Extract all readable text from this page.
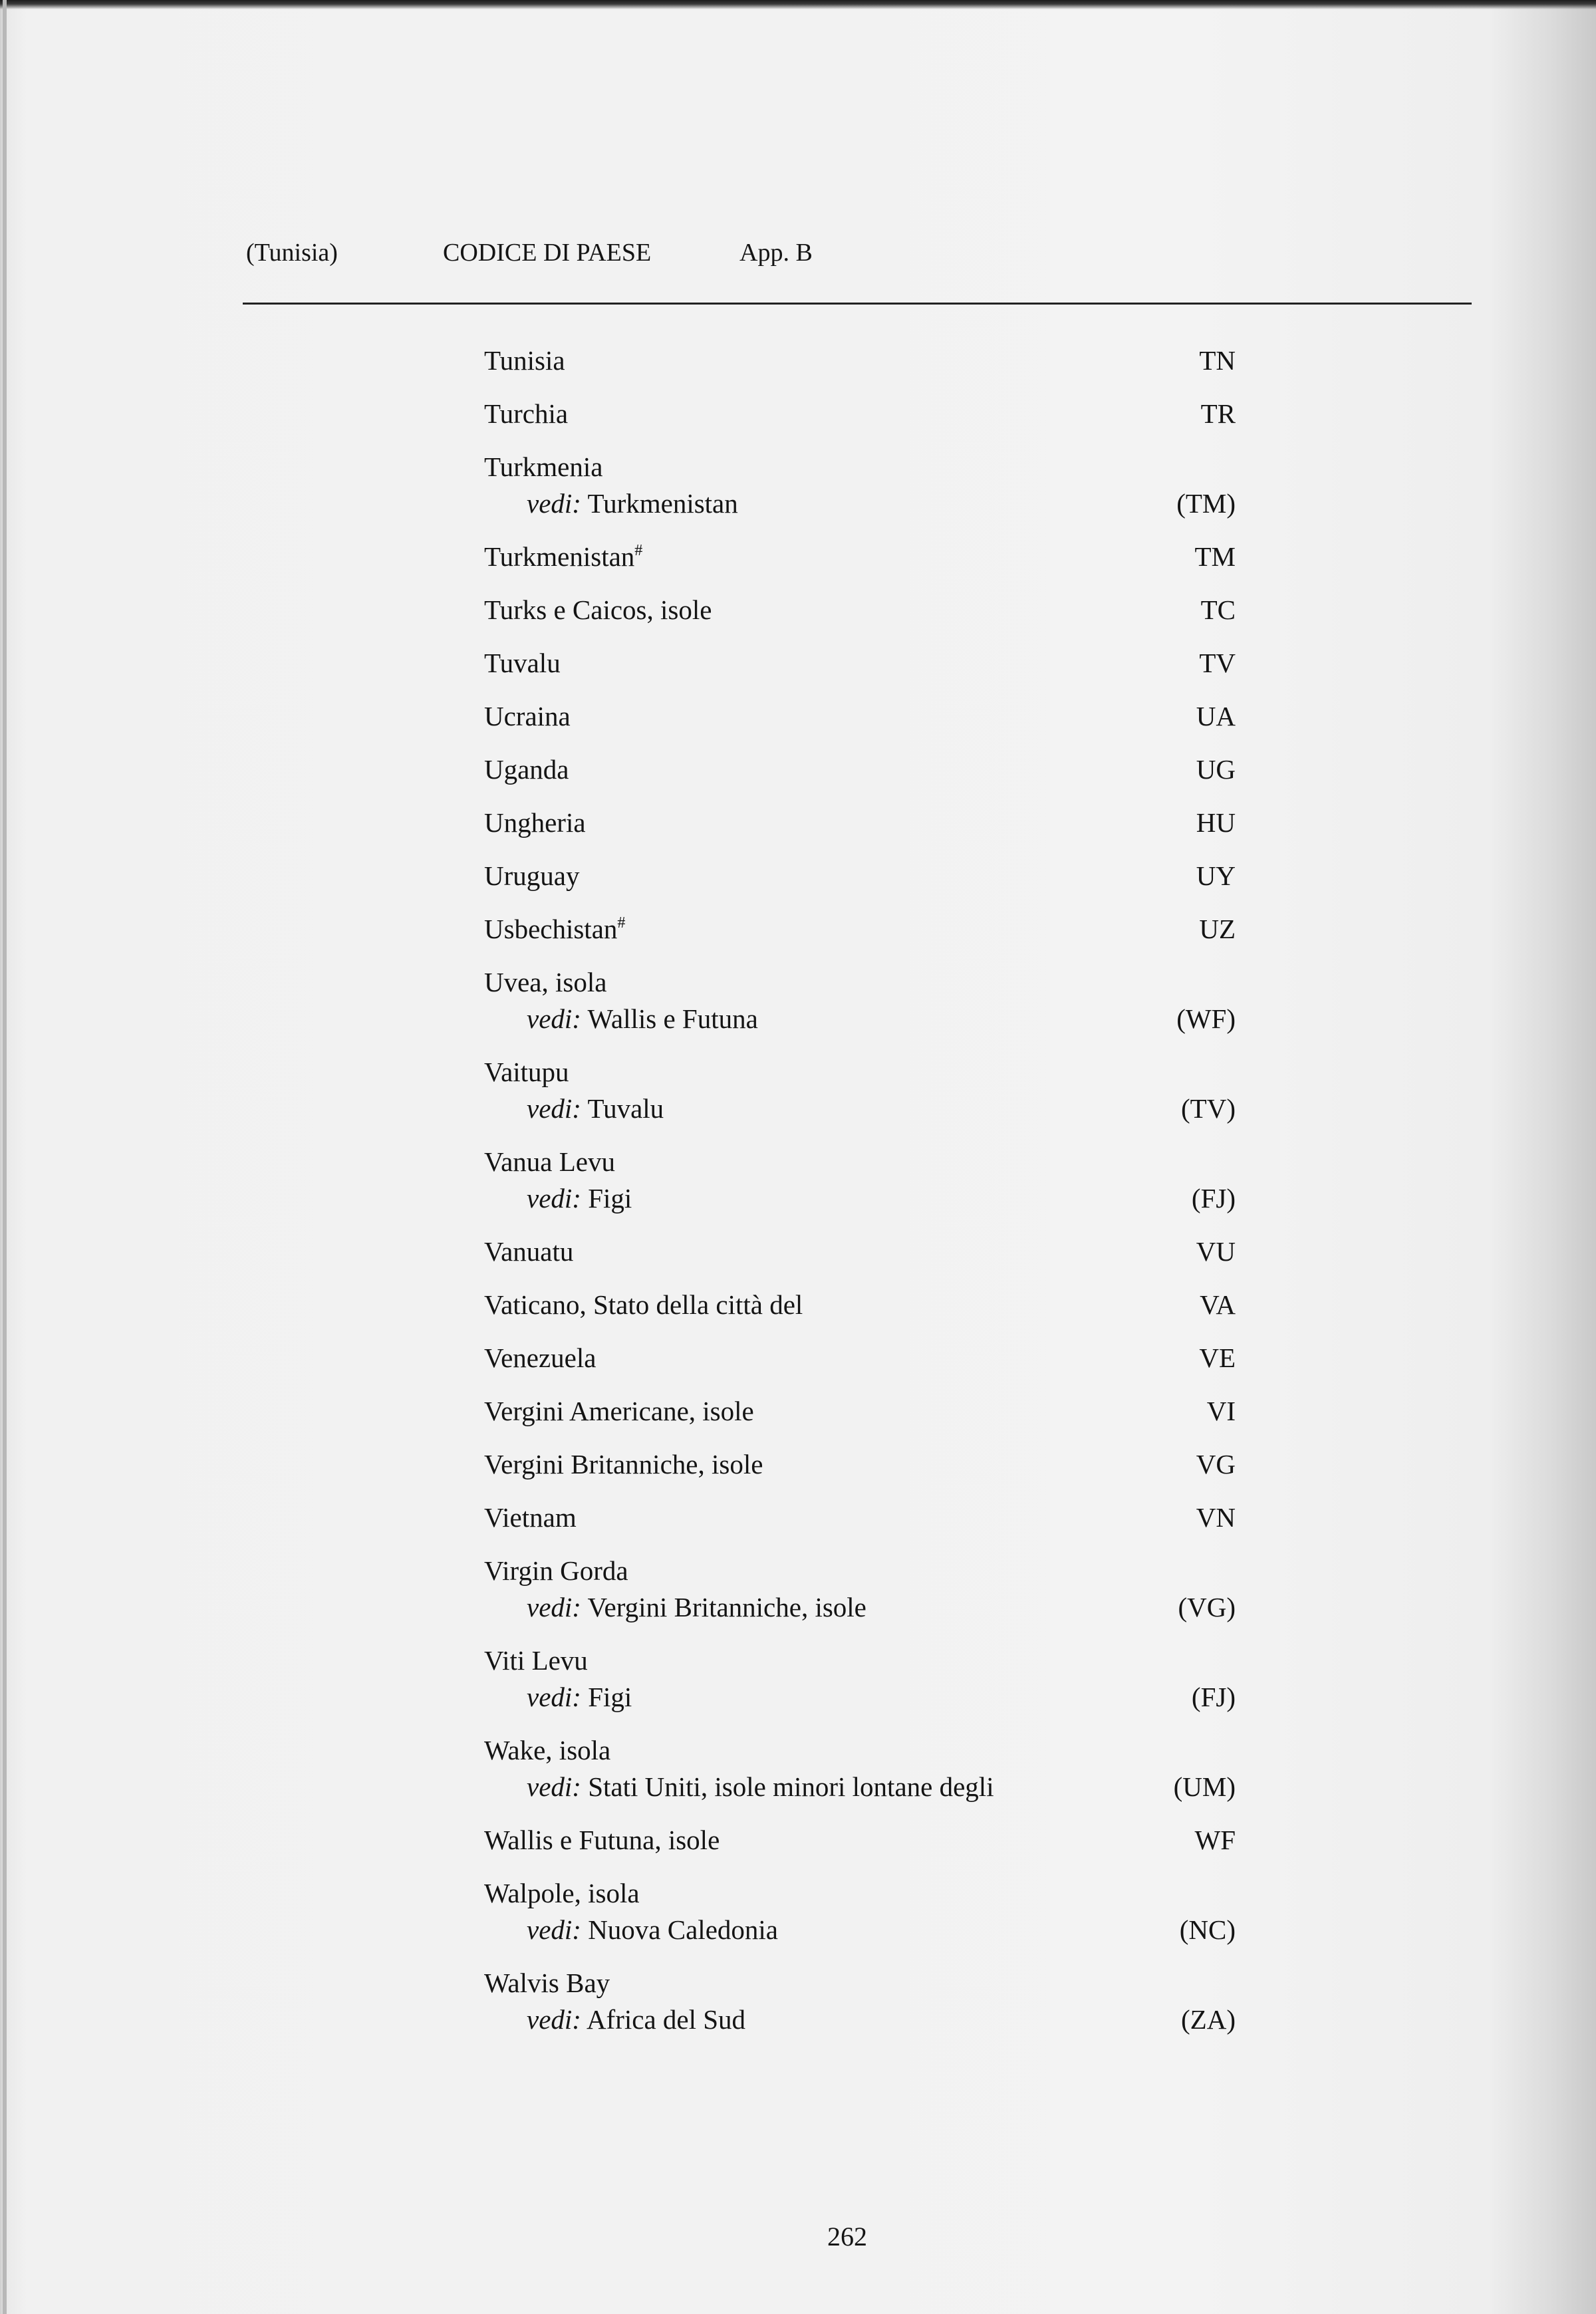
(Tunisia)	CODICE DI PAESE	App. B
Tunisia	TN
Turchia	TR
Turkmenia
vedi: Turkmenistan	(TM)
Turkmenistan#	TM
Turks e Caicos, isole	TC
Tuvalu	TV
Ucraina	UA
Uganda	UG
Ungheria	HU
Uruguay	UY
Usbechistan#	UZ
Uvea, isola
vedi: Wallis e Futuna	(WF)
Vaitupu
vedi: Tuvalu	(TV)
Vanua Levu
vedi: Figi	(FJ)
Vanuatu	VU
Vaticano, Stato della città del	VA
Venezuela	VE
Vergini Americane, isole	VI
Vergini Britanniche, isole	VG
Vietnam	VN
Virgin Gorda
vedi: Vergini Britanniche, isole	(VG)
Viti Levu
vedi: Figi	(FJ)
Wake, isola
vedi: Stati Uniti, isole minori lontane degli	(UM)
Wallis e Futuna, isole	WF
Walpole, isola
vedi: Nuova Caledonia	(NC)
Walvis Bay
vedi: Africa del Sud	(ZA)
262
